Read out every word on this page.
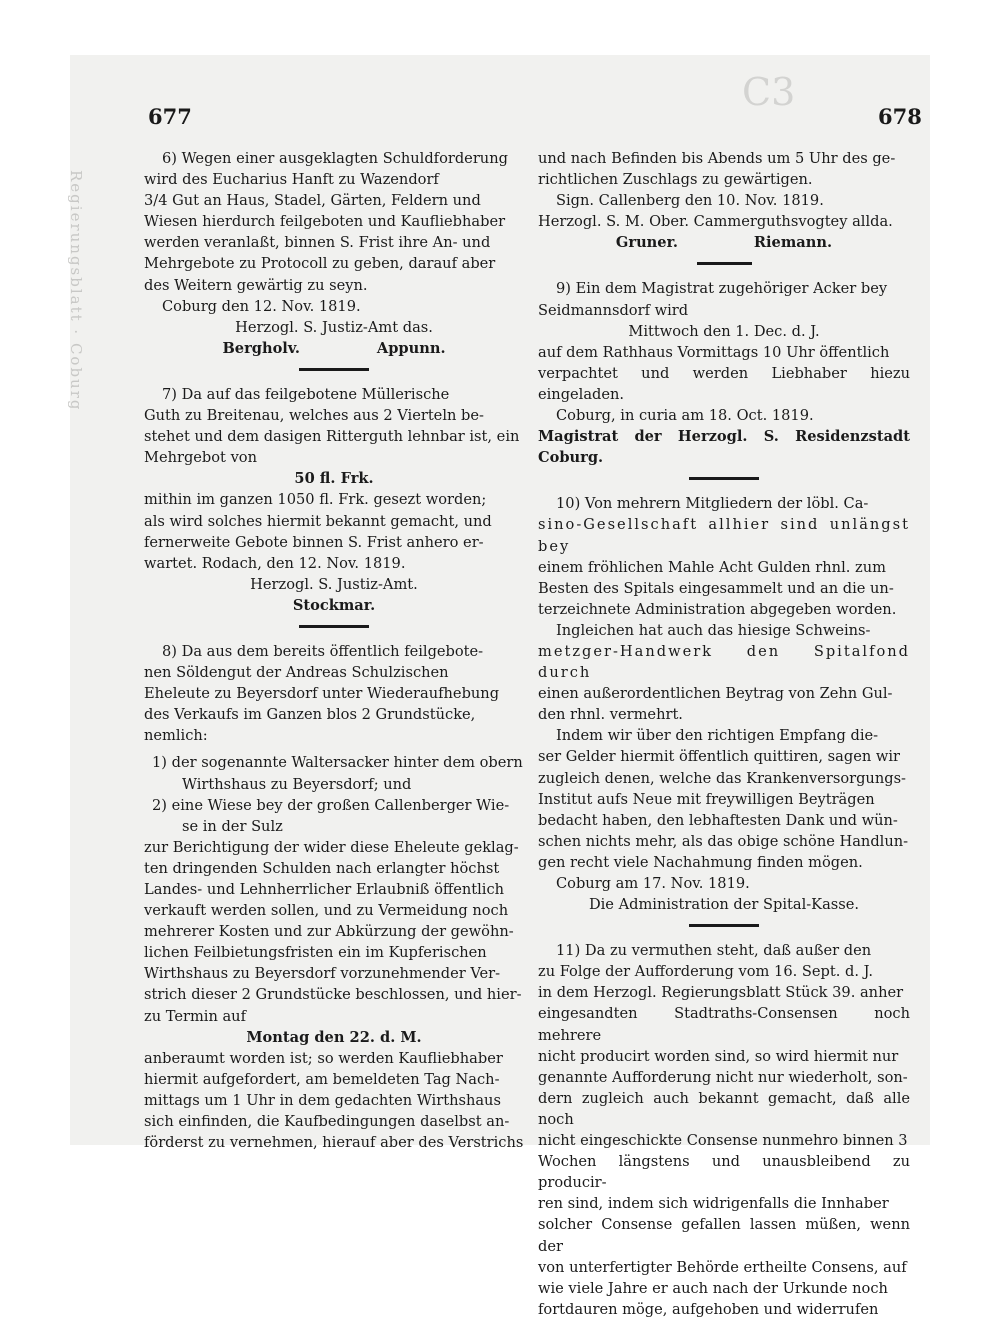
Regierungsblatt · Coburg
C3
677	678

6) Wegen einer ausgeklagten Schuldforderung

wird des Eucharius Hanft zu Wazendorf

3/4 Gut an Haus, Stadel, Gärten, Feldern und

Wiesen hierdurch feilgeboten und Kaufliebhaber

werden veranlaßt, binnen S. Frist ihre An- und

Mehrgebote zu Protocoll zu geben, darauf aber

des Weitern gewärtig zu seyn.

Coburg den 12. Nov. 1819.

Herzogl. S. Justiz-Amt das.

Bergholv.	Appunn.

7) Da auf das feilgebotene Müllerische

Guth zu Breitenau, welches aus 2 Vierteln be-

stehet und dem dasigen Ritterguth lehnbar ist, ein

Mehrgebot von

50 fl. Frk.

mithin im ganzen 1050 fl. Frk. gesezt worden;

als wird solches hiermit bekannt gemacht, und

fernerweite Gebote binnen S. Frist anhero er-

wartet. Rodach, den 12. Nov. 1819.

Herzogl. S. Justiz-Amt.

Stockmar.

8) Da aus dem bereits öffentlich feilgebote-

nen Söldengut der Andreas Schulzischen

Eheleute zu Beyersdorf unter Wiederaufhebung

des Verkaufs im Ganzen blos 2 Grundstücke,

nemlich:

1) der sogenannte Waltersacker hinter dem obern

Wirthshaus zu Beyersdorf; und

2) eine Wiese bey der großen Callenberger Wie-

se in der Sulz

zur Berichtigung der wider diese Eheleute geklag-

ten dringenden Schulden nach erlangter höchst

Landes- und Lehnherrlicher Erlaubniß öffentlich

verkauft werden sollen, und zu Vermeidung noch

mehrerer Kosten und zur Abkürzung der gewöhn-

lichen Feilbietungsfristen ein im Kupferischen

Wirthshaus zu Beyersdorf vorzunehmender Ver-

strich dieser 2 Grundstücke beschlossen, und hier-

zu Termin auf

Montag den 22. d. M.

anberaumt worden ist; so werden Kaufliebhaber

hiermit aufgefordert, am bemeldeten Tag Nach-

mittags um 1 Uhr in dem gedachten Wirthshaus

sich einfinden, die Kaufbedingungen daselbst an-

förderst zu vernehmen, hierauf aber des Verstrichs

und nach Befinden bis Abends um 5 Uhr des ge-

richtlichen Zuschlags zu gewärtigen.

Sign. Callenberg den 10. Nov. 1819.

Herzogl. S. M. Ober. Cammerguthsvogtey allda.

Gruner.	Riemann.

9) Ein dem Magistrat zugehöriger Acker bey

Seidmannsdorf wird

Mittwoch den 1. Dec. d. J.

auf dem Rathhaus Vormittags 10 Uhr öffentlich

verpachtet und werden Liebhaber hiezu eingeladen.

Coburg, in curia am 18. Oct. 1819.

Magistrat der Herzogl. S. Residenzstadt Coburg.

10) Von mehrern Mitgliedern der löbl. Ca-

sino-Gesellschaft allhier sind unlängst bey

einem fröhlichen Mahle Acht Gulden rhnl. zum

Besten des Spitals eingesammelt und an die un-

terzeichnete Administration abgegeben worden.

Ingleichen hat auch das hiesige Schweins-

metzger-Handwerk den Spitalfond durch

einen außerordentlichen Beytrag von Zehn Gul-

den rhnl. vermehrt.

Indem wir über den richtigen Empfang die-

ser Gelder hiermit öffentlich quittiren, sagen wir

zugleich denen, welche das Krankenversorgungs-

Institut aufs Neue mit freywilligen Beyträgen

bedacht haben, den lebhaftesten Dank und wün-

schen nichts mehr, als das obige schöne Handlun-

gen recht viele Nachahmung finden mögen.

Coburg am 17. Nov. 1819.

Die Administration der Spital-Kasse.

11) Da zu vermuthen steht, daß außer den

zu Folge der Aufforderung vom 16. Sept. d. J.

in dem Herzogl. Regierungsblatt Stück 39. anher

eingesandten Stadtraths-Consensen noch mehrere

nicht producirt worden sind, so wird hiermit nur

genannte Aufforderung nicht nur wiederholt, son-

dern zugleich auch bekannt gemacht, daß alle noch

nicht eingeschickte Consense nunmehro binnen 3

Wochen längstens und unausbleibend zu producir-

ren sind, indem sich widrigenfalls die Innhaber

solcher Consense gefallen lassen müßen, wenn der

von unterfertigter Behörde ertheilte Consens, auf

wie viele Jahre er auch nach der Urkunde noch

fortdauren möge, aufgehoben und widerrufen
